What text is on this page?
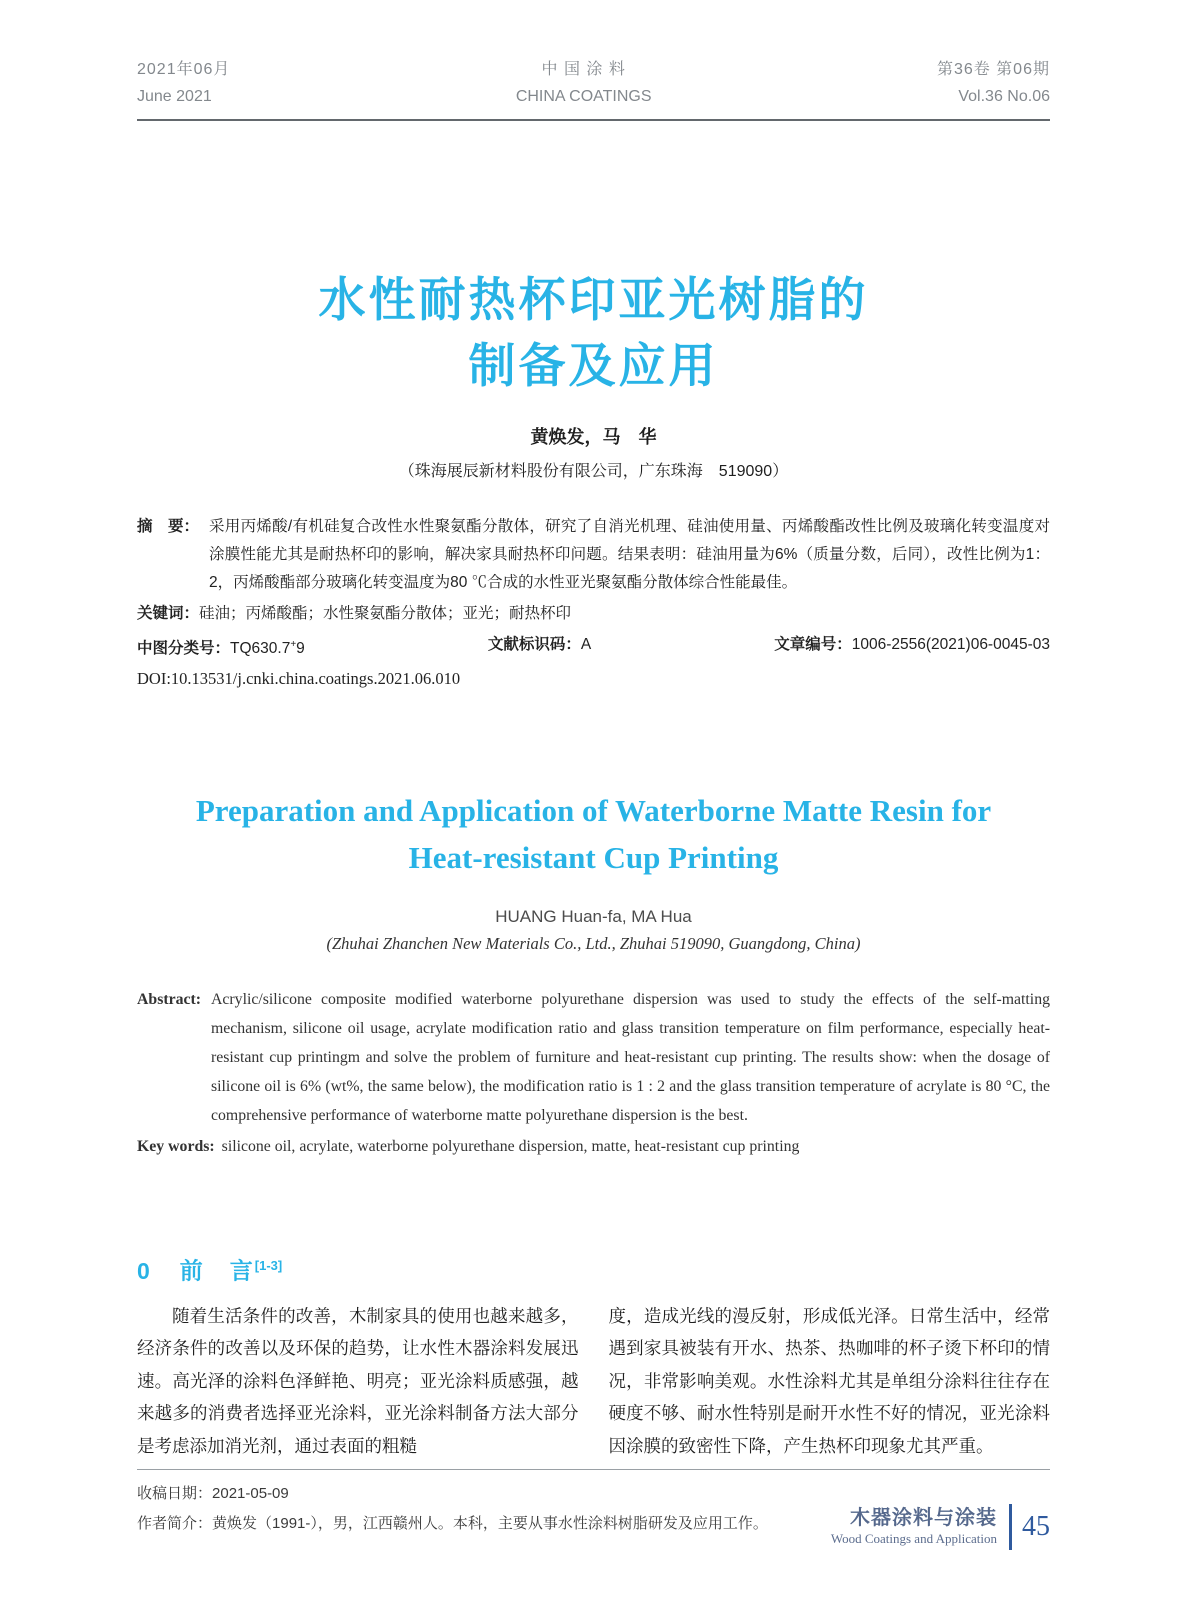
2021年06月
June 2021
中 国 涂 料
CHINA COATINGS
第36卷 第06期
Vol.36 No.06
水性耐热杯印亚光树脂的
制备及应用
黄焕发，马　华
（珠海展辰新材料股份有限公司，广东珠海　519090）
摘　要： 采用丙烯酸/有机硅复合改性水性聚氨酯分散体，研究了自消光机理、硅油使用量、丙烯酸酯改性比例及玻璃化转变温度对涂膜性能尤其是耐热杯印的影响，解决家具耐热杯印问题。结果表明：硅油用量为6%（质量分数，后同），改性比例为1：2，丙烯酸酯部分玻璃化转变温度为80 ℃合成的水性亚光聚氨酯分散体综合性能最佳。
关键词： 硅油；丙烯酸酯；水性聚氨酯分散体；亚光；耐热杯印
中图分类号：TQ630.7+9	文献标识码：A	文章编号：1006-2556(2021)06-0045-03
DOI:10.13531/j.cnki.china.coatings.2021.06.010
Preparation and Application of Waterborne Matte Resin for
Heat-resistant Cup Printing
HUANG Huan-fa, MA Hua
(Zhuhai Zhanchen New Materials Co., Ltd., Zhuhai 519090, Guangdong, China)
Abstract: Acrylic/silicone composite modified waterborne polyurethane dispersion was used to study the effects of the self-matting mechanism, silicone oil usage, acrylate modification ratio and glass transition temperature on film performance, especially heat-resistant cup printingm and solve the problem of furniture and heat-resistant cup printing. The results show: when the dosage of silicone oil is 6% (wt%, the same below), the modification ratio is 1 : 2 and the glass transition temperature of acrylate is 80 °C, the comprehensive performance of waterborne matte polyurethane dispersion is the best.
Key words: silicone oil, acrylate, waterborne polyurethane dispersion, matte, heat-resistant cup printing
0 前　言[1-3]
随着生活条件的改善，木制家具的使用也越来越多，经济条件的改善以及环保的趋势，让水性木器涂料发展迅速。高光泽的涂料色泽鲜艳、明亮；亚光涂料质感强，越来越多的消费者选择亚光涂料，亚光涂料制备方法大部分是考虑添加消光剂，通过表面的粗糙
度，造成光线的漫反射，形成低光泽。日常生活中，经常遇到家具被装有开水、热茶、热咖啡的杯子烫下杯印的情况，非常影响美观。水性涂料尤其是单组分涂料往往存在硬度不够、耐水性特别是耐开水性不好的情况，亚光涂料因涂膜的致密性下降，产生热杯印现象尤其严重。
收稿日期：2021-05-09
作者简介：黄焕发（1991-），男，江西赣州人。本科，主要从事水性涂料树脂研发及应用工作。	木器涂料与涂装
Wood Coatings and Application 45
